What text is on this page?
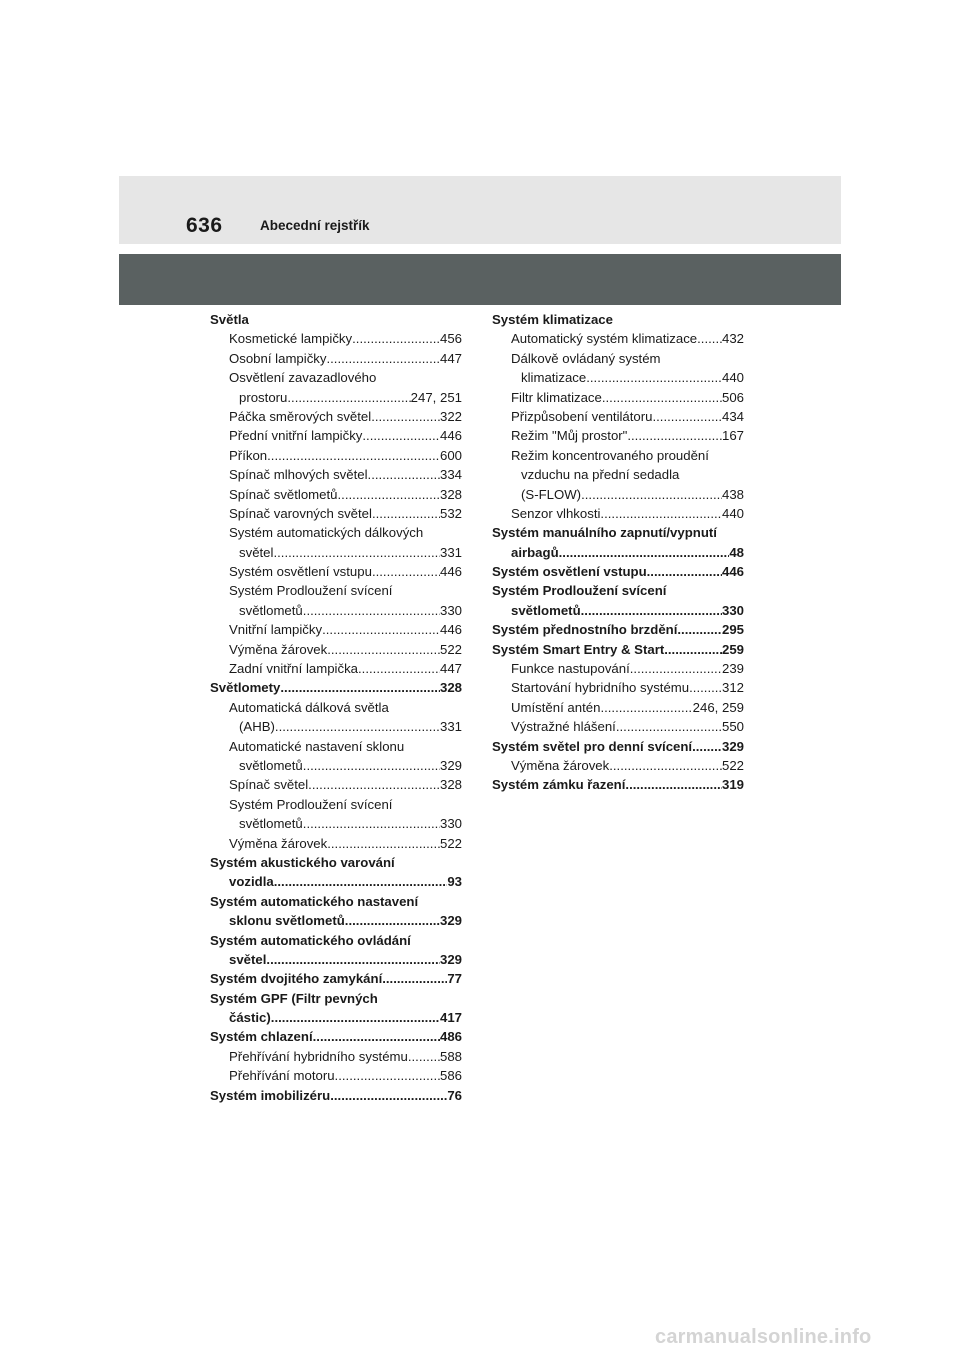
636	Abecední rejstřík
Světla
Kosmetické lampičky .....	456
Osobní lampičky .....	447
Osvětlení zavazadlového
prostoru .....	247, 251
Páčka směrových světel .....	322
Přední vnitřní lampičky .....	446
Příkon .....	600
Spínač mlhových světel .....	334
Spínač světlometů .....	328
Spínač varovných světel .....	532
Systém automatických dálkových
světel .....	331
Systém osvětlení vstupu .....	446
Systém Prodloužení svícení
světlometů .....	330
Vnitřní lampičky .....	446
Výměna žárovek .....	522
Zadní vnitřní lampička .....	447
Světlomety .....	328
Automatická dálková světla
(AHB) .....	331
Automatické nastavení sklonu
světlometů .....	329
Spínač světel .....	328
Systém Prodloužení svícení
světlometů .....	330
Výměna žárovek .....	522
Systém akustického varování
vozidla .....	93
Systém automatického nastavení
sklonu světlometů .....	329
Systém automatického ovládání
světel .....	329
Systém dvojitého zamykání .....	77
Systém GPF (Filtr pevných
částic) .....	417
Systém chlazení .....	486
Přehřívání hybridního systému ..... 588
Přehřívání motoru .....	586
Systém imobilizéru .....	76
Systém klimatizace
Automatický systém klimatizace ..... 432
Dálkově ovládaný systém
klimatizace .....	440
Filtr klimatizace .....	506
Přizpůsobení ventilátoru .....	434
Režim "Můj prostor" .....	167
Režim koncentrovaného proudění
vzduchu na přední sedadla
(S-FLOW) .....	438
Senzor vlhkosti .....	440
Systém manuálního zapnutí/vypnutí
airbagů .....	48
Systém osvětlení vstupu .....	446
Systém Prodloužení svícení
světlometů .....	330
Systém přednostního brzdění .....	295
Systém Smart Entry & Start .....	259
Funkce nastupování .....	239
Startování hybridního systému ..... 312
Umístění antén .....	246, 259
Výstražné hlášení .....	550
Systém světel pro denní svícení ..... 329
Výměna žárovek .....	522
Systém zámku řazení .....	319
carmanualsonline.info
